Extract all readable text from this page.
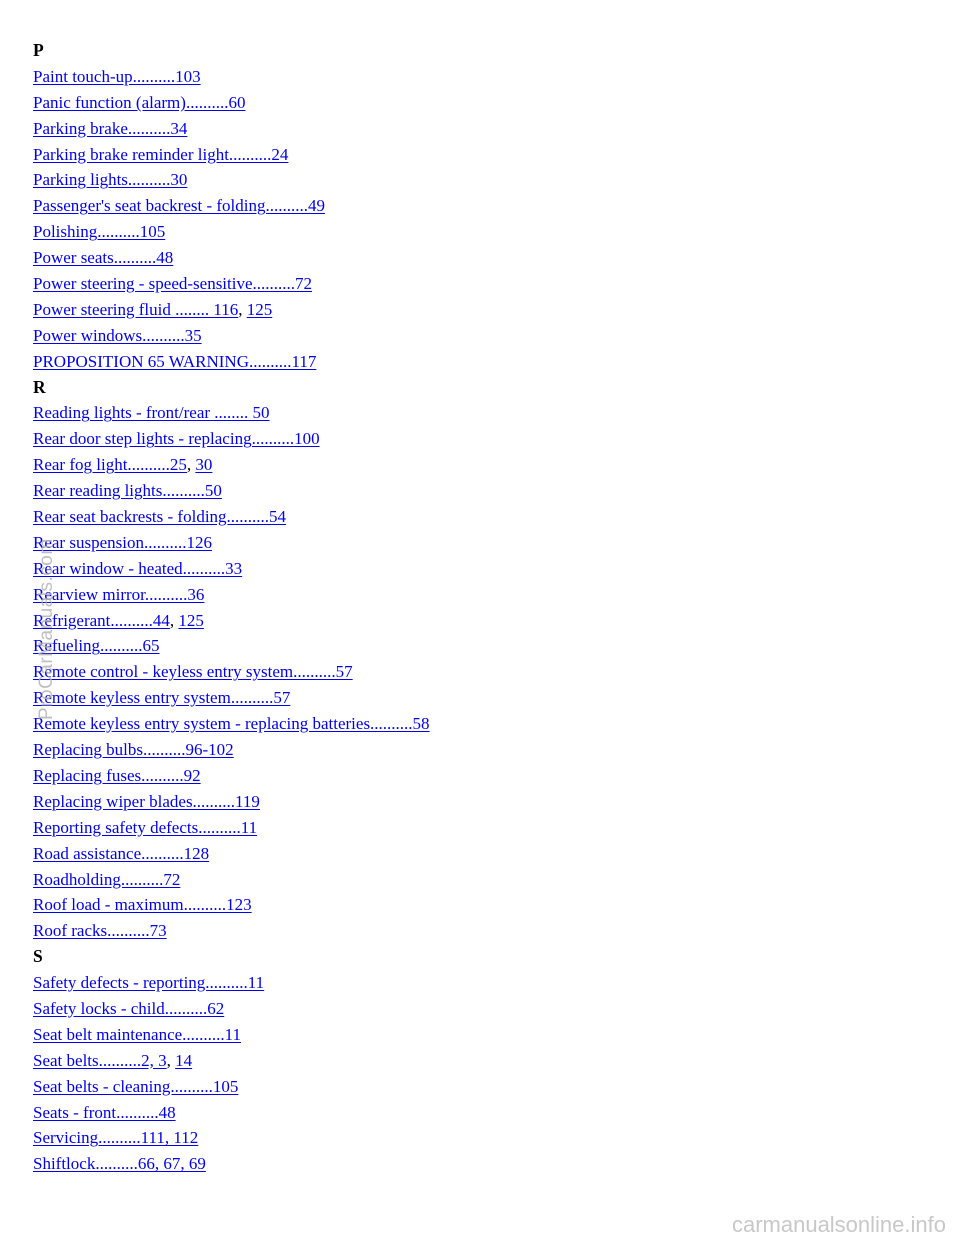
P
Paint touch-up..........103
Panic function (alarm)..........60
Parking brake..........34
Parking brake reminder light..........24
Parking lights..........30
Passenger's seat backrest - folding..........49
Polishing..........105
Power seats..........48
Power steering - speed-sensitive..........72
Power steering fluid ........ 116, 125
Power windows..........35
PROPOSITION 65 WARNING..........117
R
Reading lights - front/rear ........ 50
Rear door step lights - replacing..........100
Rear fog light..........25, 30
Rear reading lights..........50
Rear seat backrests - folding..........54
Rear suspension..........126
Rear window - heated..........33
Rearview mirror..........36
Refrigerant..........44, 125
Refueling..........65
Remote control - keyless entry system..........57
Remote keyless entry system..........57
Remote keyless entry system - replacing batteries..........58
Replacing bulbs..........96-102
Replacing fuses..........92
Replacing wiper blades..........119
Reporting safety defects..........11
Road assistance..........128
Roadholding..........72
Roof load - maximum..........123
Roof racks..........73
S
Safety defects - reporting..........11
Safety locks - child..........62
Seat belt maintenance..........11
Seat belts..........2, 3, 14
Seat belts - cleaning..........105
Seats - front..........48
Servicing..........111, 112
Shiftlock..........66, 67, 69
ProCarManuals.com
carmanualsonline.info
